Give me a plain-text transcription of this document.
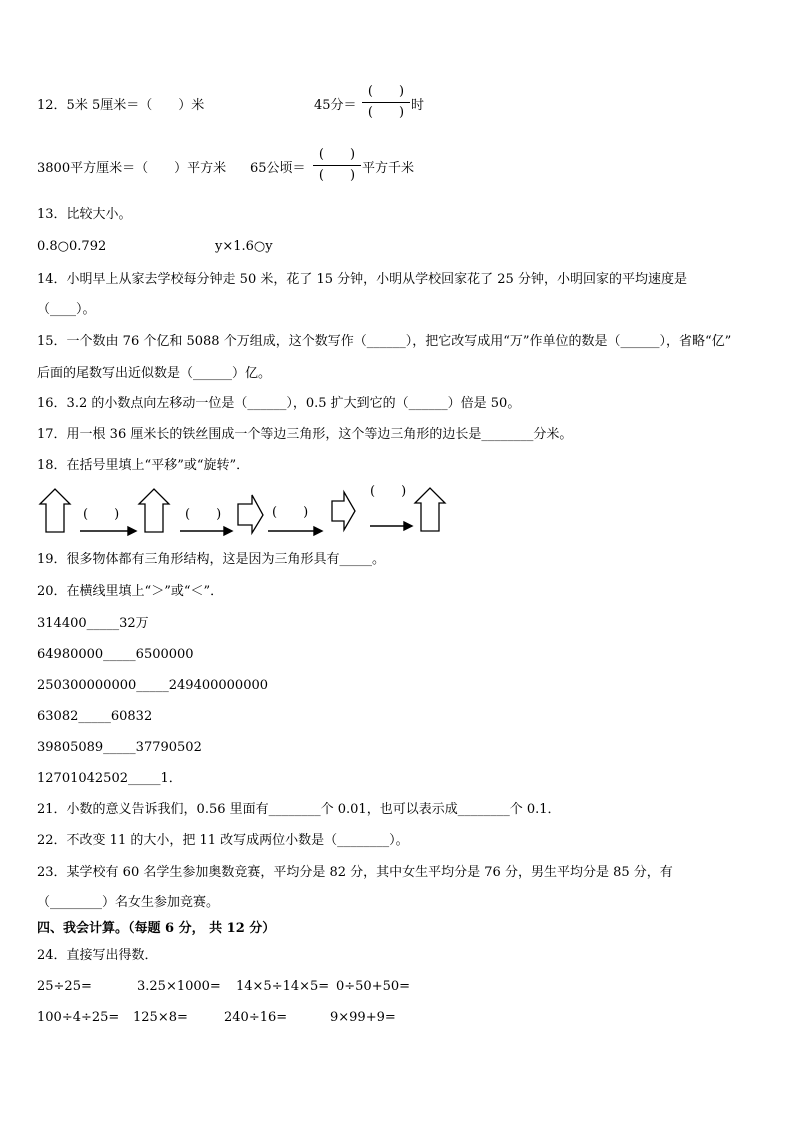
12．5米 5厘米＝（　　）米	45分＝
(　　)
(　　) 时
3800平方厘米＝（　　）平方米 65公顷＝
(　　)
(　　) 平方千米
13．比较大小。
0.8○0.792	y×1.6○y
14．小明早上从家去学校每分钟走 50 米，花了 15 分钟，小明从学校回家花了 25 分钟，小明回家的平均速度是
（____）。
15．一个数由 76 个亿和 5088 个万组成，这个数写作（______），把它改写成用“万”作单位的数是（______），省略“亿”
后面的尾数写出近似数是（______）亿。
16．3.2 的小数点向左移动一位是（______），0.5 扩大到它的（______）倍是 50。
17．用一根 36 厘米长的铁丝围成一个等边三角形，这个等边三角形的边长是________分米。
18．在括号里填上“平移”或“旋转”．
(　　)	(　　)	(　　)
(　　)
19．很多物体都有三角形结构，这是因为三角形具有_____。
20．在横线里填上“＞”或“＜”．
314400_____32万
64980000_____6500000
250300000000_____249400000000
63082_____60832
39805089_____37790502
12701042502_____1．
21．小数的意义告诉我们，0.56 里面有________个 0.01，也可以表示成________个 0.1．
22．不改变 11 的大小，把 11 改写成两位小数是（________）。
23．某学校有 60 名学生参加奥数竞赛，平均分是 82 分，其中女生平均分是 76 分，男生平均分是 85 分，有
（________）名女生参加竞赛。
四、我会计算。（每题 6 分， 共 12 分）
24．直接写出得数．
25÷25=	3.25×1000= 14×5÷14×5= 0÷50+50=
100÷4÷25= 125×8=	240÷16=	9×99+9=
